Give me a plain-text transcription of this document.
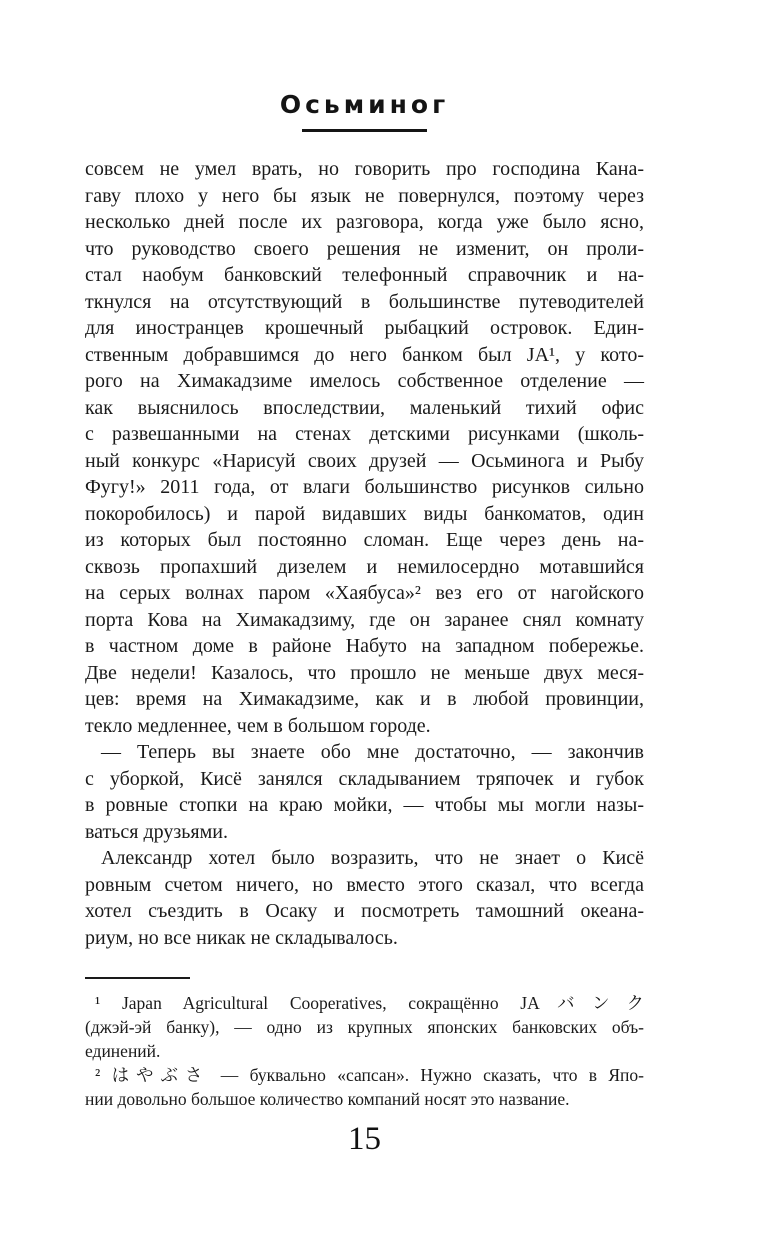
Осьминог
совсем не умел врать, но говорить про господина Кана-
гаву плохо у него бы язык не повернулся, поэтому через
несколько дней после их разговора, когда уже было ясно,
что руководство своего решения не изменит, он проли-
стал наобум банковский телефонный справочник и на-
ткнулся на отсутствующий в большинстве путеводителей
для иностранцев крошечный рыбацкий островок. Един-
ственным добравшимся до него банком был JA¹, у кото-
рого на Химакадзиме имелось собственное отделение —
как выяснилось впоследствии, маленький тихий офис
с развешанными на стенах детскими рисунками (школь-
ный конкурс «Нарисуй своих друзей — Осьминога и Рыбу
Фугу!» 2011 года, от влаги большинство рисунков сильно
покоробилось) и парой видавших виды банкоматов, один
из которых был постоянно сломан. Еще через день на-
сквозь пропахший дизелем и немилосердно мотавшийся
на серых волнах паром «Хаябуса»² вез его от нагойского
порта Кова на Химакадзиму, где он заранее снял комнату
в частном доме в районе Набуто на западном побережье.
Две недели! Казалось, что прошло не меньше двух меся-
цев: время на Химакадзиме, как и в любой провинции,
текло медленнее, чем в большом городе.
— Теперь вы знаете обо мне достаточно, — закончив
с уборкой, Кисё занялся складыванием тряпочек и губок
в ровные стопки на краю мойки, — чтобы мы могли назы-
ваться друзьями.
Александр хотел было возразить, что не знает о Кисё
ровным счетом ничего, но вместо этого сказал, что всегда
хотел съездить в Осаку и посмотреть тамошний океана-
риум, но все никак не складывалось.
¹ Japan Agricultural Cooperatives, сокращённо JAバンク
(джэй-эй банку), — одно из крупных японских банковских объ-
единений.
² はやぶさ — буквально «сапсан». Нужно сказать, что в Япо-
нии довольно большое количество компаний носят это название.
15
